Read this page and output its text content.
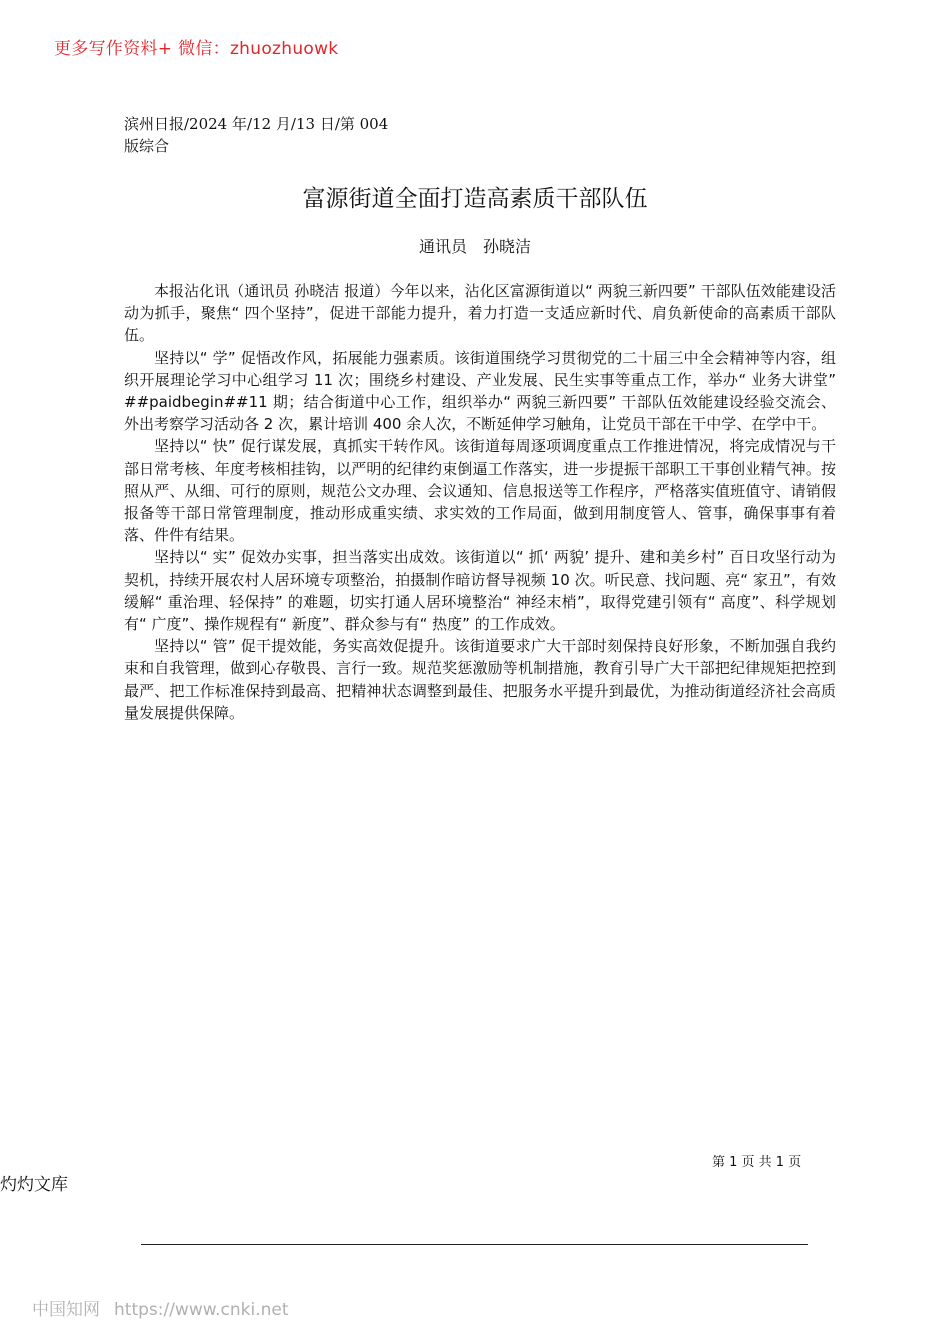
更多写作资料+ 微信：zhuozhuowk
滨州日报/2024 年/12 月/13 日/第 004
版综合
富源街道全面打造高素质干部队伍
通讯员　孙晓洁

本报沾化讯（通讯员 孙晓洁 报道）今年以来，沾化区富源街道以“ 两貌三新四要” 干部队伍效能建设活动为抓手，聚焦“ 四个坚持”，促进干部能力提升，着力打造一支适应新时代、肩负新使命的高素质干部队伍。

坚持以“ 学” 促悟改作风，拓展能力强素质。该街道围绕学习贯彻党的二十届三中全会精神等内容，组织开展理论学习中心组学习 11 次；围绕乡村建设、产业发展、民生实事等重点工作，举办“ 业务大讲堂” ##paidbegin##11 期；结合街道中心工作，组织举办“ 两貌三新四要” 干部队伍效能建设经验交流会、外出考察学习活动各 2 次，累计培训 400 余人次，不断延伸学习触角，让党员干部在干中学、在学中干。

坚持以“ 快” 促行谋发展，真抓实干转作风。该街道每周逐项调度重点工作推进情况，将完成情况与干部日常考核、年度考核相挂钩，以严明的纪律约束倒逼工作落实，进一步提振干部职工干事创业精气神。按照从严、从细、可行的原则，规范公文办理、会议通知、信息报送等工作程序，严格落实值班值守、请销假报备等干部日常管理制度，推动形成重实绩、求实效的工作局面，做到用制度管人、管事，确保事事有着落、件件有结果。

坚持以“ 实” 促效办实事，担当落实出成效。该街道以“ 抓‘ 两貌’ 提升、建和美乡村” 百日攻坚行动为契机，持续开展农村人居环境专项整治，拍摄制作暗访督导视频 10 次。听民意、找问题、亮“ 家丑”，有效缓解“ 重治理、轻保持” 的难题，切实打通人居环境整治“ 神经末梢”，取得党建引领有“ 高度”、科学规划有“ 广度”、操作规程有“ 新度”、群众参与有“ 热度” 的工作成效。

坚持以“ 管” 促干提效能，务实高效促提升。该街道要求广大干部时刻保持良好形象，不断加强自我约束和自我管理，做到心存敬畏、言行一致。规范奖惩激励等机制措施，教育引导广大干部把纪律规矩把控到最严、把工作标准保持到最高、把精神状态调整到最佳、把服务水平提升到最优，为推动街道经济社会高质量发展提供保障。

第 1 页 共 1 页
灼灼文库
中国知网 https://www.cnki.net
